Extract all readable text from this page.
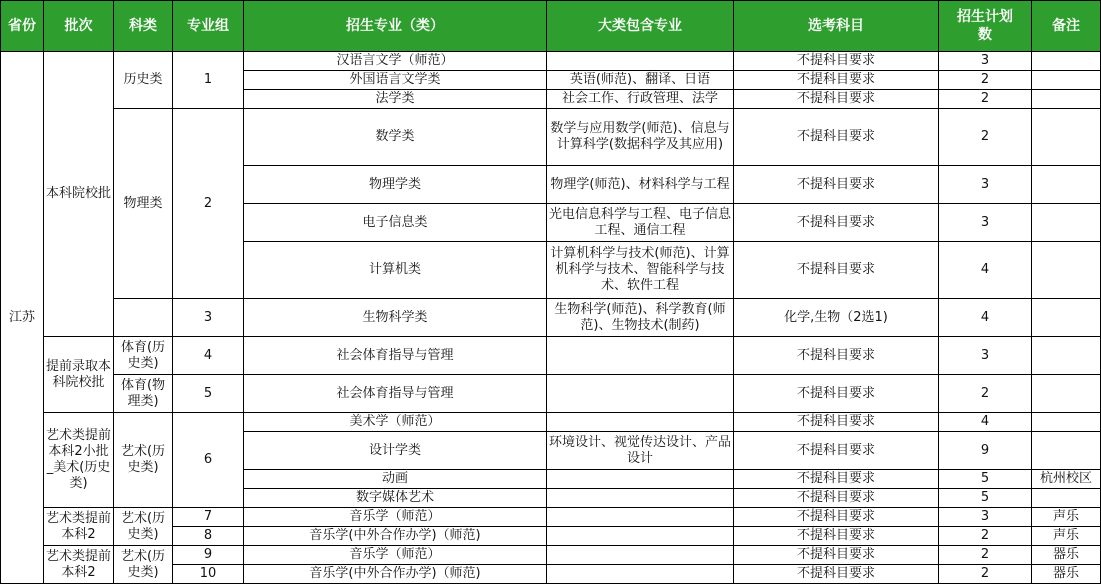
省份	批次	科类	专业组	招生专业（类）	大类包含专业	选考科目	招生计划数	备注
江苏	本科院校批	历史类	1	汉语言文学（师范）		不提科目要求	3	
				外国语言文学类	英语(师范)、翻译、日语	不提科目要求	2	
				法学类	社会工作、行政管理、法学	不提科目要求	2	
		物理类	2	数学类	数学与应用数学(师范)、信息与计算科学(数据科学及其应用)	不提科目要求	2	
				物理学类	物理学(师范)、材料科学与工程	不提科目要求	3	
				电子信息类	光电信息科学与工程、电子信息工程、通信工程	不提科目要求	3	
				计算机类	计算机科学与技术(师范)、计算机科学与技术、智能科学与技术、软件工程	不提科目要求	4	
			3	生物科学类	生物科学(师范)、科学教育(师范)、生物技术(制药)	化学,生物（2选1)	4	
	提前录取本科院校批	体育(历史类)	4	社会体育指导与管理		不提科目要求	3	
		体育(物理类)	5	社会体育指导与管理		不提科目要求	2	
	艺术类提前本科2小批_美术(历史类)	艺术(历史类)	6	美术学（师范）		不提科目要求	4	
				设计学类	环境设计、视觉传达设计、产品设计	不提科目要求	9	
				动画		不提科目要求	5	杭州校区
				数字媒体艺术		不提科目要求	5	
	艺术类提前本科2	艺术(历史类)	7	音乐学（师范）		不提科目要求	3	声乐
			8	音乐学(中外合作办学)（师范)		不提科目要求	2	声乐
	艺术类提前本科2	艺术(历史类)	9	音乐学（师范）		不提科目要求	2	器乐
			10	音乐学(中外合作办学)（师范)		不提科目要求	2	器乐
